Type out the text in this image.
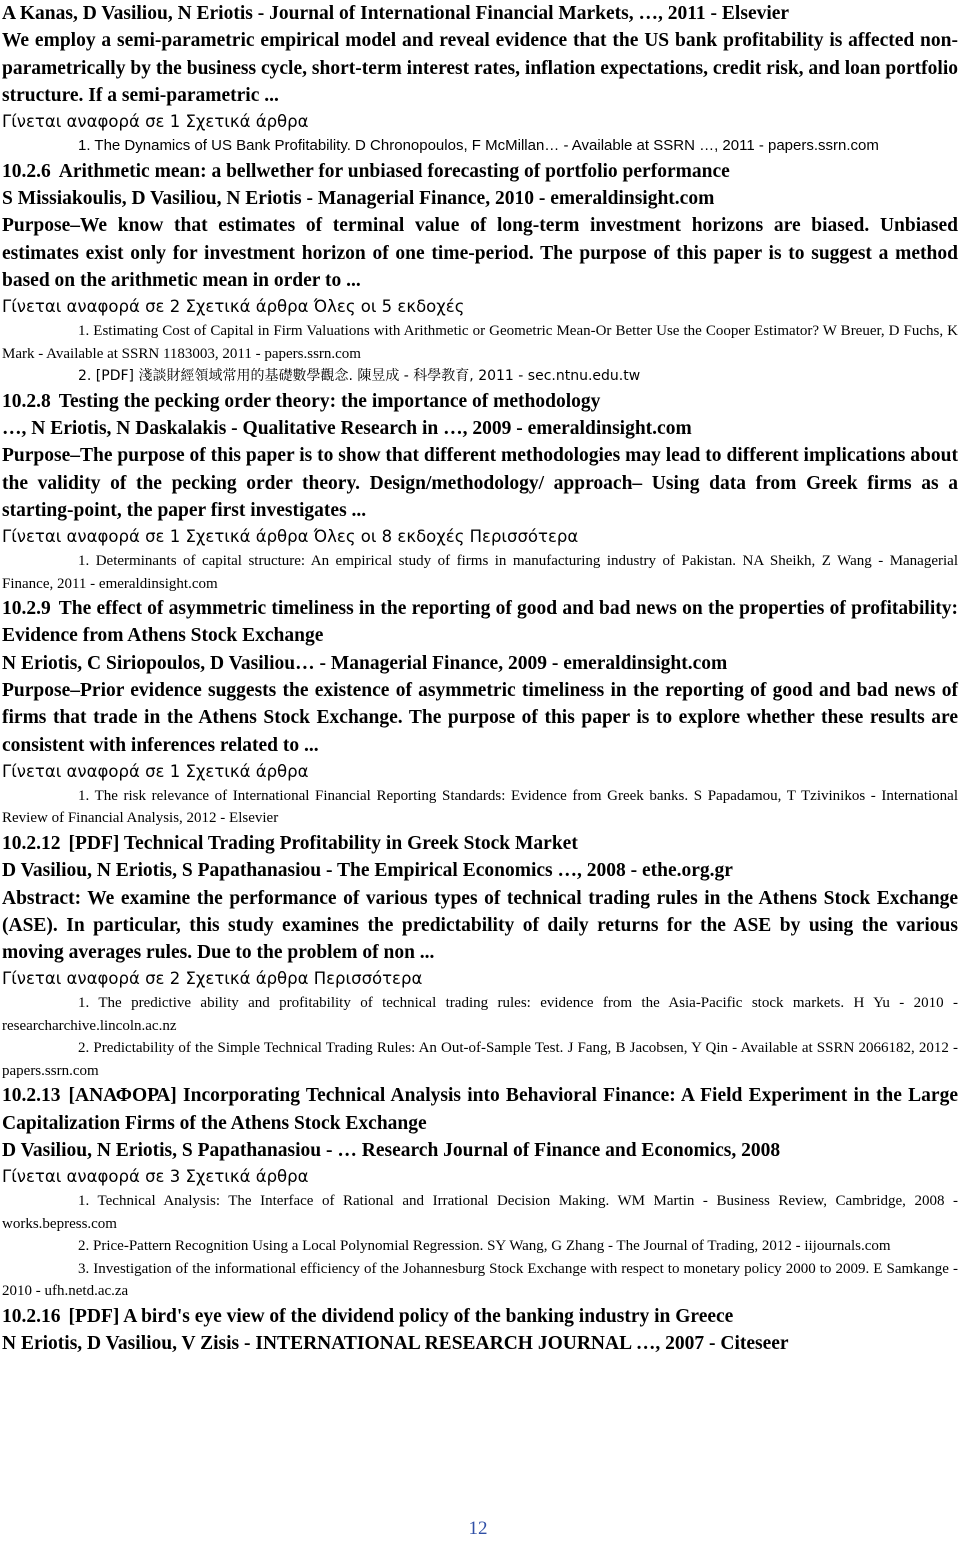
A Kanas, D Vasiliou, N Eriotis - Journal of International Financial Markets, …, 2011 - Elsevier

We employ a semi-parametric empirical model and reveal evidence that the US bank profitability is affected non-parametrically by the business cycle, short-term interest rates, inflation expectations, credit risk, and loan portfolio structure. If a semi-parametric ...

Γίνεται αναφορά σε 1 Σχετικά άρθρα

1. The Dynamics of US Bank Profitability. D Chronopoulos, F McMillan… - Available at SSRN …, 2011 - papers.ssrn.com

10.2.6 Arithmetic mean: a bellwether for unbiased forecasting of portfolio performance

S Missiakoulis, D Vasiliou, N Eriotis - Managerial Finance, 2010 - emeraldinsight.com

Purpose–We know that estimates of terminal value of long-term investment horizons are biased. Unbiased estimates exist only for investment horizon of one time-period. The purpose of this paper is to suggest a method based on the arithmetic mean in order to ...

Γίνεται αναφορά σε 2 Σχετικά άρθρα Όλες οι 5 εκδοχές

1. Estimating Cost of Capital in Firm Valuations with Arithmetic or Geometric Mean-Or Better Use the Cooper Estimator? W Breuer, D Fuchs, K Mark - Available at SSRN 1183003, 2011 - papers.ssrn.com

2. [PDF] 淺談財經領域常用的基礎數學觀念. 陳昱成 - 科學教育, 2011 - sec.ntnu.edu.tw

10.2.8 Testing the pecking order theory: the importance of methodology

…, N Eriotis, N Daskalakis - Qualitative Research in …, 2009 - emeraldinsight.com

Purpose–The purpose of this paper is to show that different methodologies may lead to different implications about the validity of the pecking order theory. Design/methodology/ approach– Using data from Greek firms as a starting-point, the paper first investigates ...

Γίνεται αναφορά σε 1 Σχετικά άρθρα Όλες οι 8 εκδοχές Περισσότερα

1. Determinants of capital structure: An empirical study of firms in manufacturing industry of Pakistan. NA Sheikh, Z Wang - Managerial Finance, 2011 - emeraldinsight.com

10.2.9 The effect of asymmetric timeliness in the reporting of good and bad news on the properties of profitability: Evidence from Athens Stock Exchange

N Eriotis, C Siriopoulos, D Vasiliou… - Managerial Finance, 2009 - emeraldinsight.com

Purpose–Prior evidence suggests the existence of asymmetric timeliness in the reporting of good and bad news of firms that trade in the Athens Stock Exchange. The purpose of this paper is to explore whether these results are consistent with inferences related to ...

Γίνεται αναφορά σε 1 Σχετικά άρθρα

1. The risk relevance of International Financial Reporting Standards: Evidence from Greek banks. S Papadamou, T Tzivinikos - International Review of Financial Analysis, 2012 - Elsevier

10.2.12 [PDF] Technical Trading Profitability in Greek Stock Market

D Vasiliou, N Eriotis, S Papathanasiou - The Empirical Economics …, 2008 - ethe.org.gr

Abstract: We examine the performance of various types of technical trading rules in the Athens Stock Exchange (ASE). In particular, this study examines the predictability of daily returns for the ASE by using the various moving averages rules. Due to the problem of non ...

Γίνεται αναφορά σε 2 Σχετικά άρθρα Περισσότερα

1. The predictive ability and profitability of technical trading rules: evidence from the Asia-Pacific stock markets. H Yu - 2010 - researcharchive.lincoln.ac.nz

2. Predictability of the Simple Technical Trading Rules: An Out-of-Sample Test. J Fang, B Jacobsen, Y Qin - Available at SSRN 2066182, 2012 - papers.ssrn.com

10.2.13 [ΑΝΑΦΟΡΑ] Incorporating Technical Analysis into Behavioral Finance: A Field Experiment in the Large Capitalization Firms of the Athens Stock Exchange

D Vasiliou, N Eriotis, S Papathanasiou - … Research Journal of Finance and Economics, 2008

Γίνεται αναφορά σε 3 Σχετικά άρθρα

1. Technical Analysis: The Interface of Rational and Irrational Decision Making. WM Martin - Business Review, Cambridge, 2008 - works.bepress.com

2. Price-Pattern Recognition Using a Local Polynomial Regression. SY Wang, G Zhang - The Journal of Trading, 2012 - iijournals.com

3. Investigation of the informational efficiency of the Johannesburg Stock Exchange with respect to monetary policy 2000 to 2009. E Samkange - 2010 - ufh.netd.ac.za

10.2.16 [PDF] A bird's eye view of the dividend policy of the banking industry in Greece

N Eriotis, D Vasiliou, V Zisis - INTERNATIONAL RESEARCH JOURNAL …, 2007 - Citeseer

12
